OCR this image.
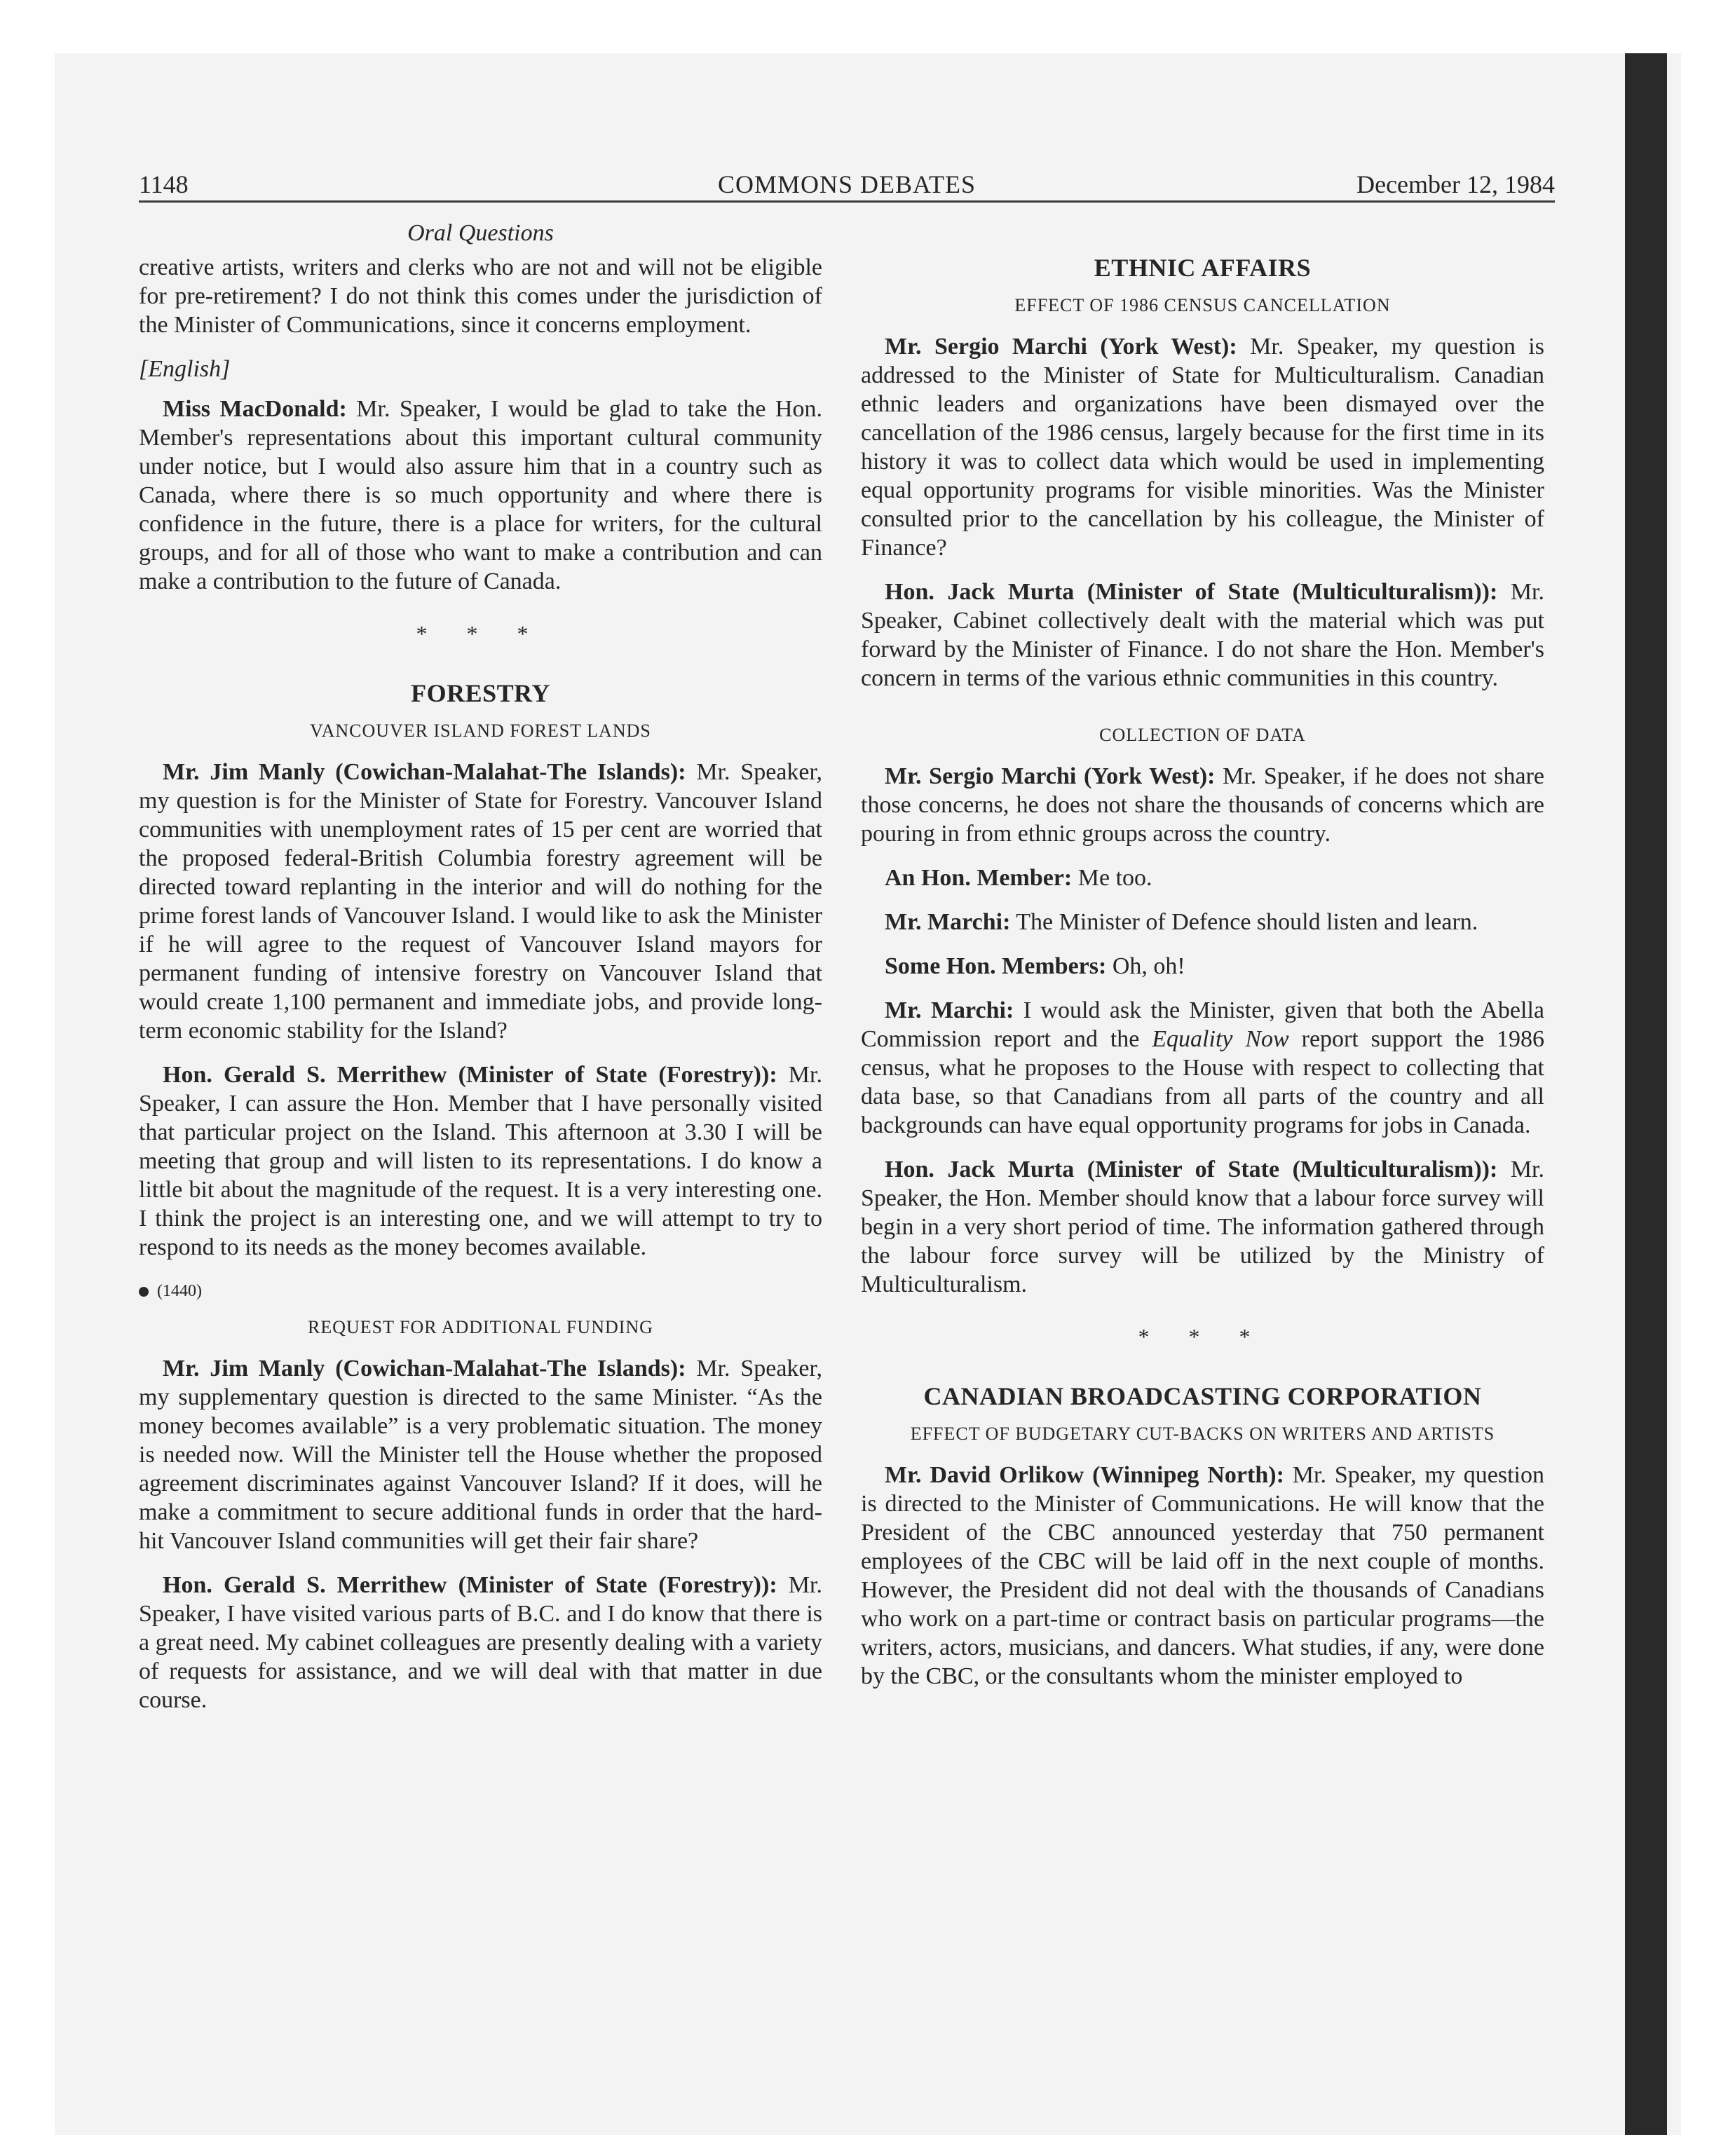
1148	COMMONS DEBATES	December 12, 1984
Oral Questions

creative artists, writers and clerks who are not and will not be eligible for pre-retirement? I do not think this comes under the jurisdiction of the Minister of Communications, since it concerns employment.

[English]

Miss MacDonald: Mr. Speaker, I would be glad to take the Hon. Member's representations about this important cultural community under notice, but I would also assure him that in a country such as Canada, where there is so much opportunity and where there is confidence in the future, there is a place for writers, for the cultural groups, and for all of those who want to make a contribution and can make a contribution to the future of Canada.

* * *
FORESTRY
VANCOUVER ISLAND FOREST LANDS

Mr. Jim Manly (Cowichan-Malahat-The Islands): Mr. Speaker, my question is for the Minister of State for Forestry. Vancouver Island communities with unemployment rates of 15 per cent are worried that the proposed federal-British Columbia forestry agreement will be directed toward replanting in the interior and will do nothing for the prime forest lands of Vancouver Island. I would like to ask the Minister if he will agree to the request of Vancouver Island mayors for permanent funding of intensive forestry on Vancouver Island that would create 1,100 permanent and immediate jobs, and provide long-term economic stability for the Island?

Hon. Gerald S. Merrithew (Minister of State (Forestry)): Mr. Speaker, I can assure the Hon. Member that I have personally visited that particular project on the Island. This afternoon at 3.30 I will be meeting that group and will listen to its representations. I do know a little bit about the magnitude of the request. It is a very interesting one. I think the project is an interesting one, and we will attempt to try to respond to its needs as the money becomes available.

(1440)
REQUEST FOR ADDITIONAL FUNDING

Mr. Jim Manly (Cowichan-Malahat-The Islands): Mr. Speaker, my supplementary question is directed to the same Minister. “As the money becomes available” is a very problematic situation. The money is needed now. Will the Minister tell the House whether the proposed agreement discriminates against Vancouver Island? If it does, will he make a commitment to secure additional funds in order that the hard-hit Vancouver Island communities will get their fair share?

Hon. Gerald S. Merrithew (Minister of State (Forestry)): Mr. Speaker, I have visited various parts of B.C. and I do know that there is a great need. My cabinet colleagues are presently dealing with a variety of requests for assistance, and we will deal with that matter in due course.

ETHNIC AFFAIRS
EFFECT OF 1986 CENSUS CANCELLATION

Mr. Sergio Marchi (York West): Mr. Speaker, my question is addressed to the Minister of State for Multiculturalism. Canadian ethnic leaders and organizations have been dismayed over the cancellation of the 1986 census, largely because for the first time in its history it was to collect data which would be used in implementing equal opportunity programs for visible minorities. Was the Minister consulted prior to the cancellation by his colleague, the Minister of Finance?

Hon. Jack Murta (Minister of State (Multiculturalism)): Mr. Speaker, Cabinet collectively dealt with the material which was put forward by the Minister of Finance. I do not share the Hon. Member's concern in terms of the various ethnic communities in this country.

COLLECTION OF DATA

Mr. Sergio Marchi (York West): Mr. Speaker, if he does not share those concerns, he does not share the thousands of concerns which are pouring in from ethnic groups across the country.

An Hon. Member: Me too.

Mr. Marchi: The Minister of Defence should listen and learn.

Some Hon. Members: Oh, oh!

Mr. Marchi: I would ask the Minister, given that both the Abella Commission report and the Equality Now report support the 1986 census, what he proposes to the House with respect to collecting that data base, so that Canadians from all parts of the country and all backgrounds can have equal opportunity programs for jobs in Canada.

Hon. Jack Murta (Minister of State (Multiculturalism)): Mr. Speaker, the Hon. Member should know that a labour force survey will begin in a very short period of time. The information gathered through the labour force survey will be utilized by the Ministry of Multiculturalism.

* * *
CANADIAN BROADCASTING CORPORATION
EFFECT OF BUDGETARY CUT-BACKS ON WRITERS AND ARTISTS

Mr. David Orlikow (Winnipeg North): Mr. Speaker, my question is directed to the Minister of Communications. He will know that the President of the CBC announced yesterday that 750 permanent employees of the CBC will be laid off in the next couple of months. However, the President did not deal with the thousands of Canadians who work on a part-time or contract basis on particular programs—the writers, actors, musicians, and dancers. What studies, if any, were done by the CBC, or the consultants whom the minister employed to
